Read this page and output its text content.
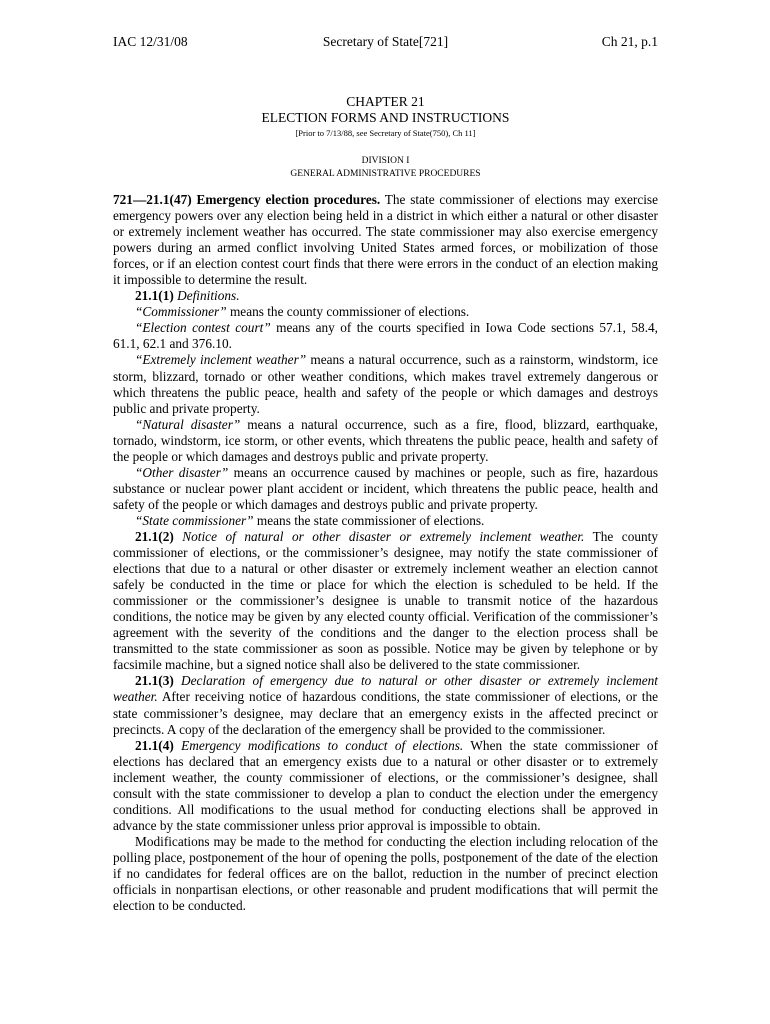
IAC 12/31/08	Secretary of State[721]	Ch 21, p.1
CHAPTER 21
ELECTION FORMS AND INSTRUCTIONS
[Prior to 7/13/88, see Secretary of State(750), Ch 11]
DIVISION I
GENERAL ADMINISTRATIVE PROCEDURES

721—21.1(47) Emergency election procedures. The state commissioner of elections may exercise emergency powers over any election being held in a district in which either a natural or other disaster or extremely inclement weather has occurred. The state commissioner may also exercise emergency powers during an armed conflict involving United States armed forces, or mobilization of those forces, or if an election contest court finds that there were errors in the conduct of an election making it impossible to determine the result.

21.1(1) Definitions.

“Commissioner” means the county commissioner of elections.

“Election contest court” means any of the courts specified in Iowa Code sections 57.1, 58.4, 61.1, 62.1 and 376.10.

“Extremely inclement weather” means a natural occurrence, such as a rainstorm, windstorm, ice storm, blizzard, tornado or other weather conditions, which makes travel extremely dangerous or which threatens the public peace, health and safety of the people or which damages and destroys public and private property.

“Natural disaster” means a natural occurrence, such as a fire, flood, blizzard, earthquake, tornado, windstorm, ice storm, or other events, which threatens the public peace, health and safety of the people or which damages and destroys public and private property.

“Other disaster” means an occurrence caused by machines or people, such as fire, hazardous substance or nuclear power plant accident or incident, which threatens the public peace, health and safety of the people or which damages and destroys public and private property.

“State commissioner” means the state commissioner of elections.

21.1(2) Notice of natural or other disaster or extremely inclement weather. The county commissioner of elections, or the commissioner’s designee, may notify the state commissioner of elections that due to a natural or other disaster or extremely inclement weather an election cannot safely be conducted in the time or place for which the election is scheduled to be held. If the commissioner or the commissioner’s designee is unable to transmit notice of the hazardous conditions, the notice may be given by any elected county official. Verification of the commissioner’s agreement with the severity of the conditions and the danger to the election process shall be transmitted to the state commissioner as soon as possible. Notice may be given by telephone or by facsimile machine, but a signed notice shall also be delivered to the state commissioner.

21.1(3) Declaration of emergency due to natural or other disaster or extremely inclement weather. After receiving notice of hazardous conditions, the state commissioner of elections, or the state commissioner’s designee, may declare that an emergency exists in the affected precinct or precincts. A copy of the declaration of the emergency shall be provided to the commissioner.

21.1(4) Emergency modifications to conduct of elections. When the state commissioner of elections has declared that an emergency exists due to a natural or other disaster or to extremely inclement weather, the county commissioner of elections, or the commissioner’s designee, shall consult with the state commissioner to develop a plan to conduct the election under the emergency conditions. All modifications to the usual method for conducting elections shall be approved in advance by the state commissioner unless prior approval is impossible to obtain.

Modifications may be made to the method for conducting the election including relocation of the polling place, postponement of the hour of opening the polls, postponement of the date of the election if no candidates for federal offices are on the ballot, reduction in the number of precinct election officials in nonpartisan elections, or other reasonable and prudent modifications that will permit the election to be conducted.
